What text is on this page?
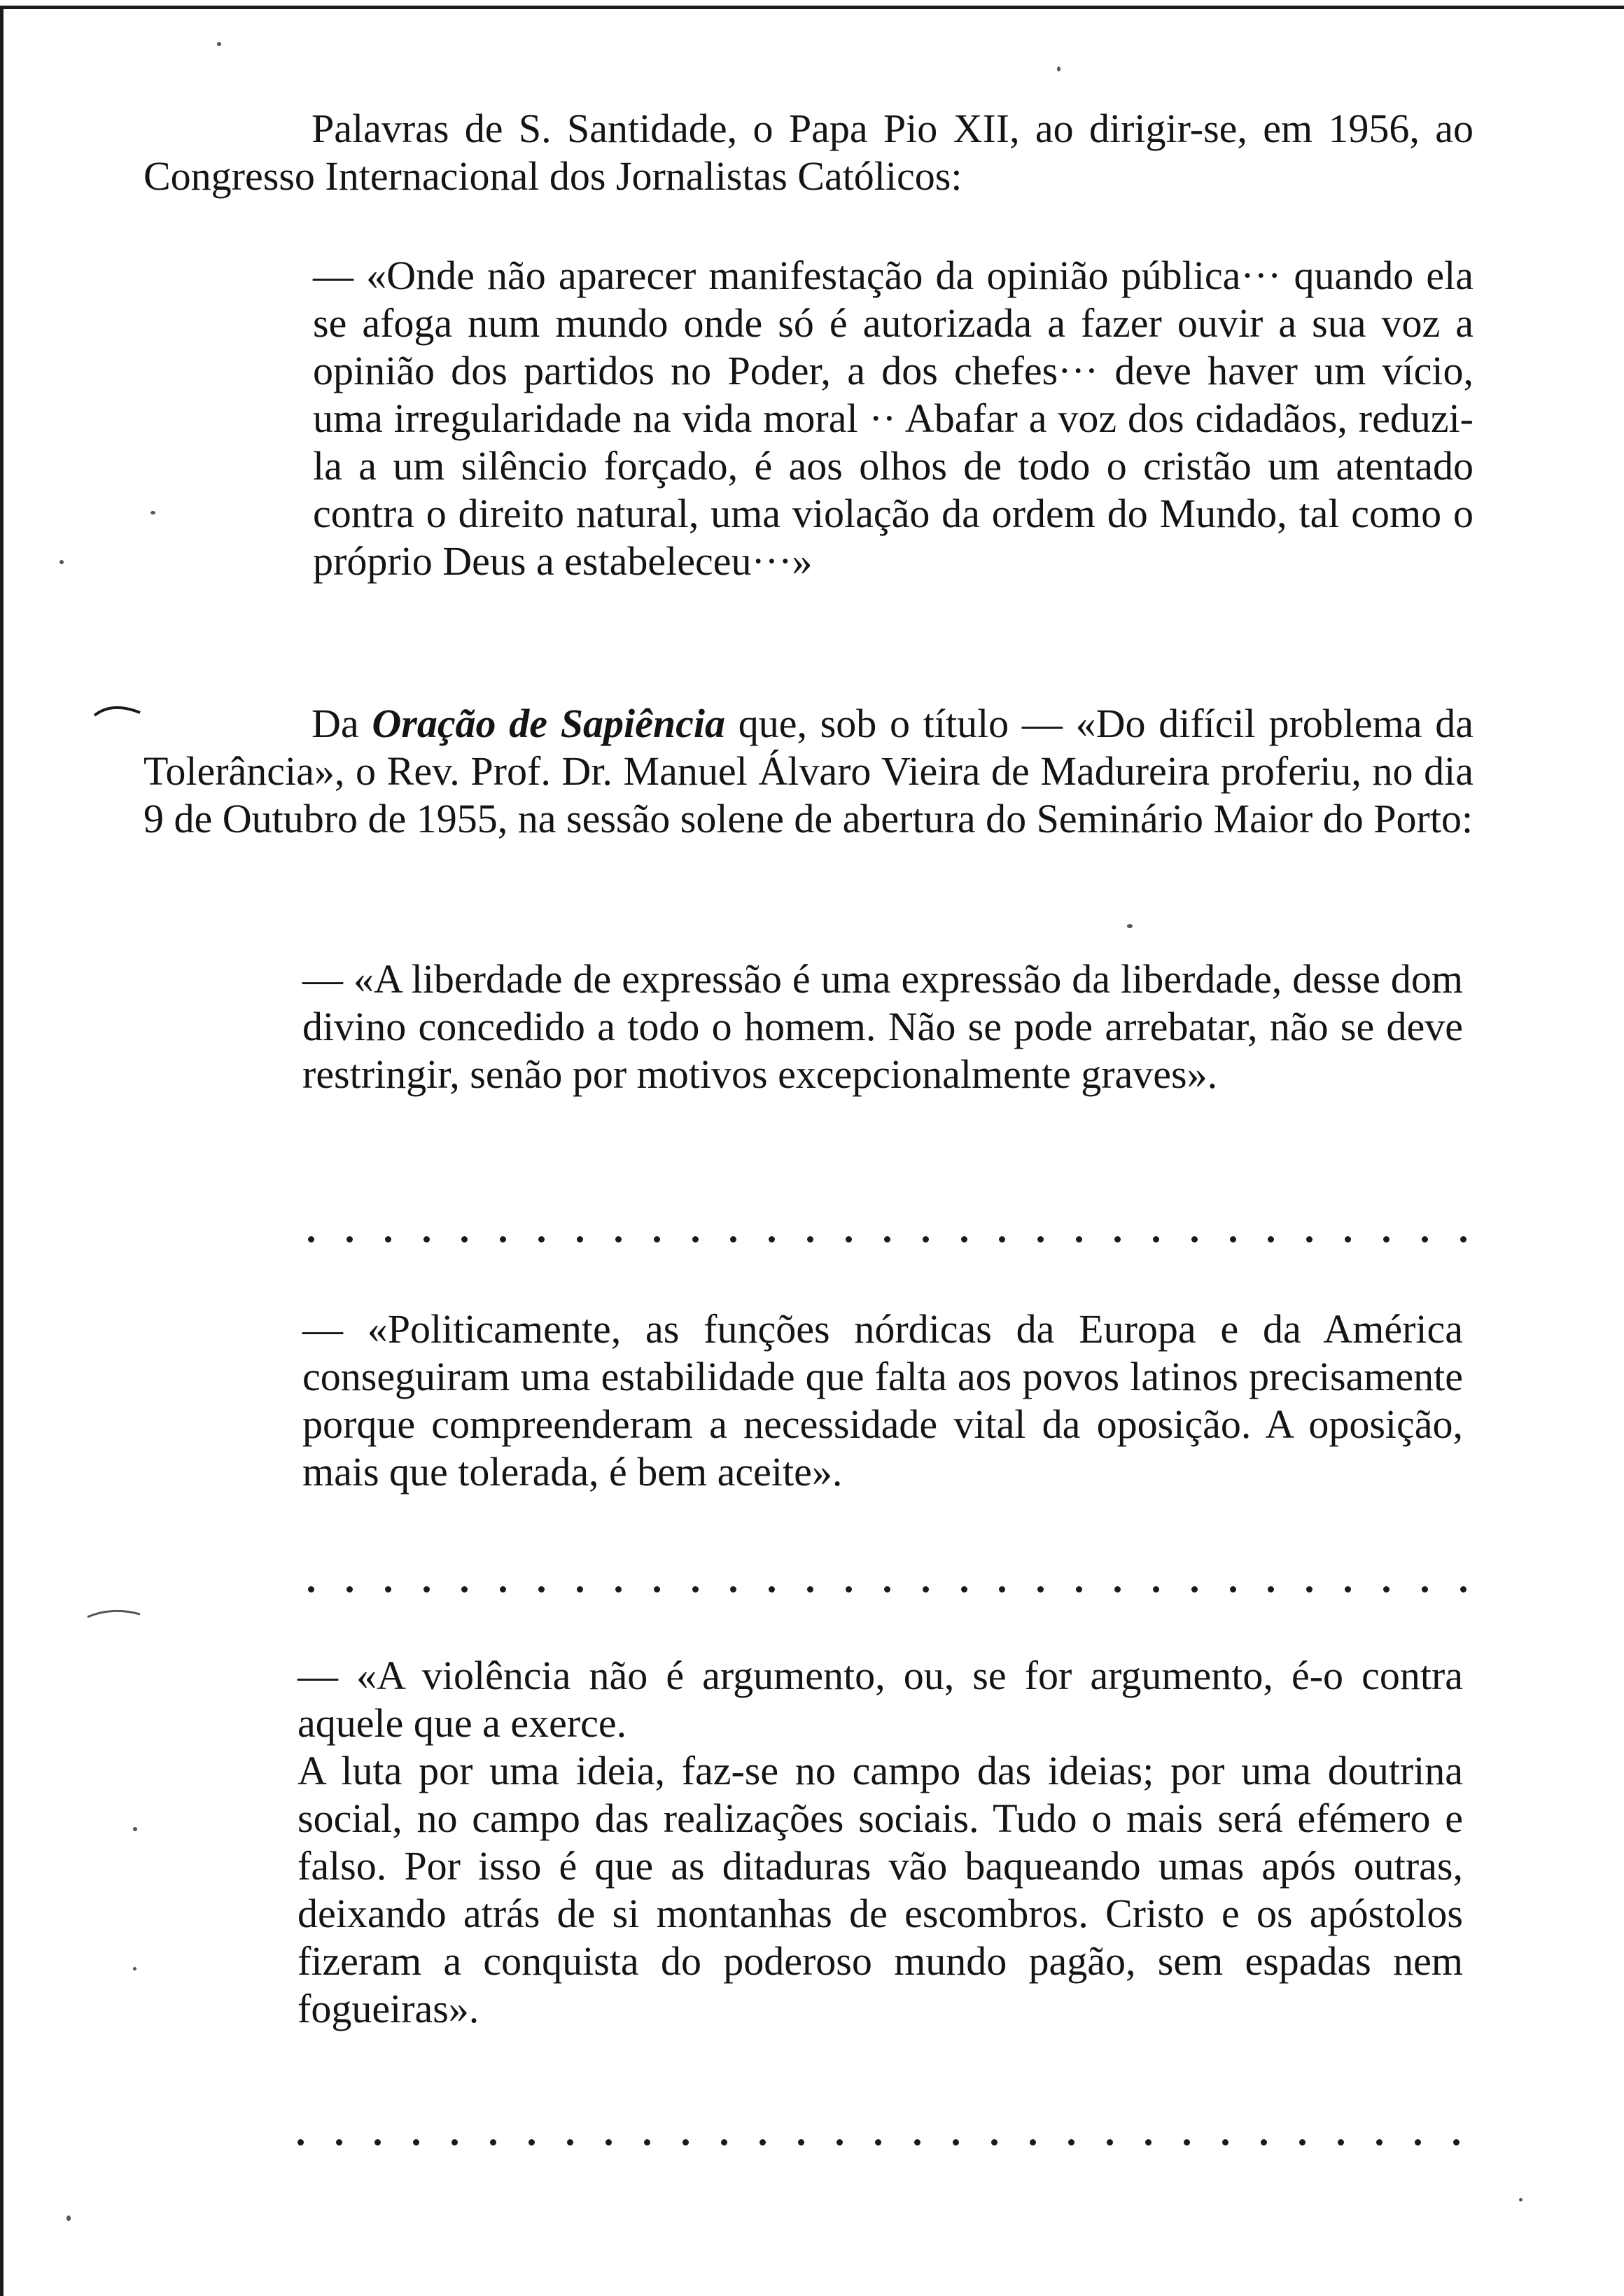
Palavras de S. Santidade, o Papa Pio XII, ao dirigir-se, em 1956, ao Congresso Internacional dos Jornalistas Católicos:

— «Onde não aparecer manifestação da opinião pública··· quando ela se afoga num mundo onde só é autorizada a fazer ouvir a sua voz a opinião dos partidos no Poder, a dos chefes··· deve haver um vício, uma irregularidade na vida moral ·· Abafar a voz dos cidadãos, reduzi-la a um silêncio forçado, é aos olhos de todo o cristão um atentado contra o direito natural, uma violação da ordem do Mundo, tal como o próprio Deus a estabeleceu···»

Da Oração de Sapiência que, sob o título — «Do difícil problema da Tolerância», o Rev. Prof. Dr. Manuel Álvaro Vieira de Madureira proferiu, no dia 9 de Outubro de 1955, na sessão solene de abertura do Seminário Maior do Porto:

— «A liberdade de expressão é uma expressão da liberdade, desse dom divino concedido a todo o homem. Não se pode arrebatar, não se deve restringir, senão por motivos excepcionalmente graves».

— «Politicamente, as funções nórdicas da Europa e da América conseguiram uma estabilidade que falta aos povos latinos precisamente porque compreenderam a necessidade vital da oposição. A oposição, mais que tolerada, é bem aceite».

— «A violência não é argumento, ou, se for argumento, é-o contra aquele que a exerce.

A luta por uma ideia, faz-se no campo das ideias; por uma doutrina social, no campo das realizações sociais. Tudo o mais será efémero e falso. Por isso é que as ditaduras vão baqueando umas após outras, deixando atrás de si montanhas de escombros. Cristo e os apóstolos fizeram a conquista do poderoso mundo pagão, sem espadas nem fogueiras».
